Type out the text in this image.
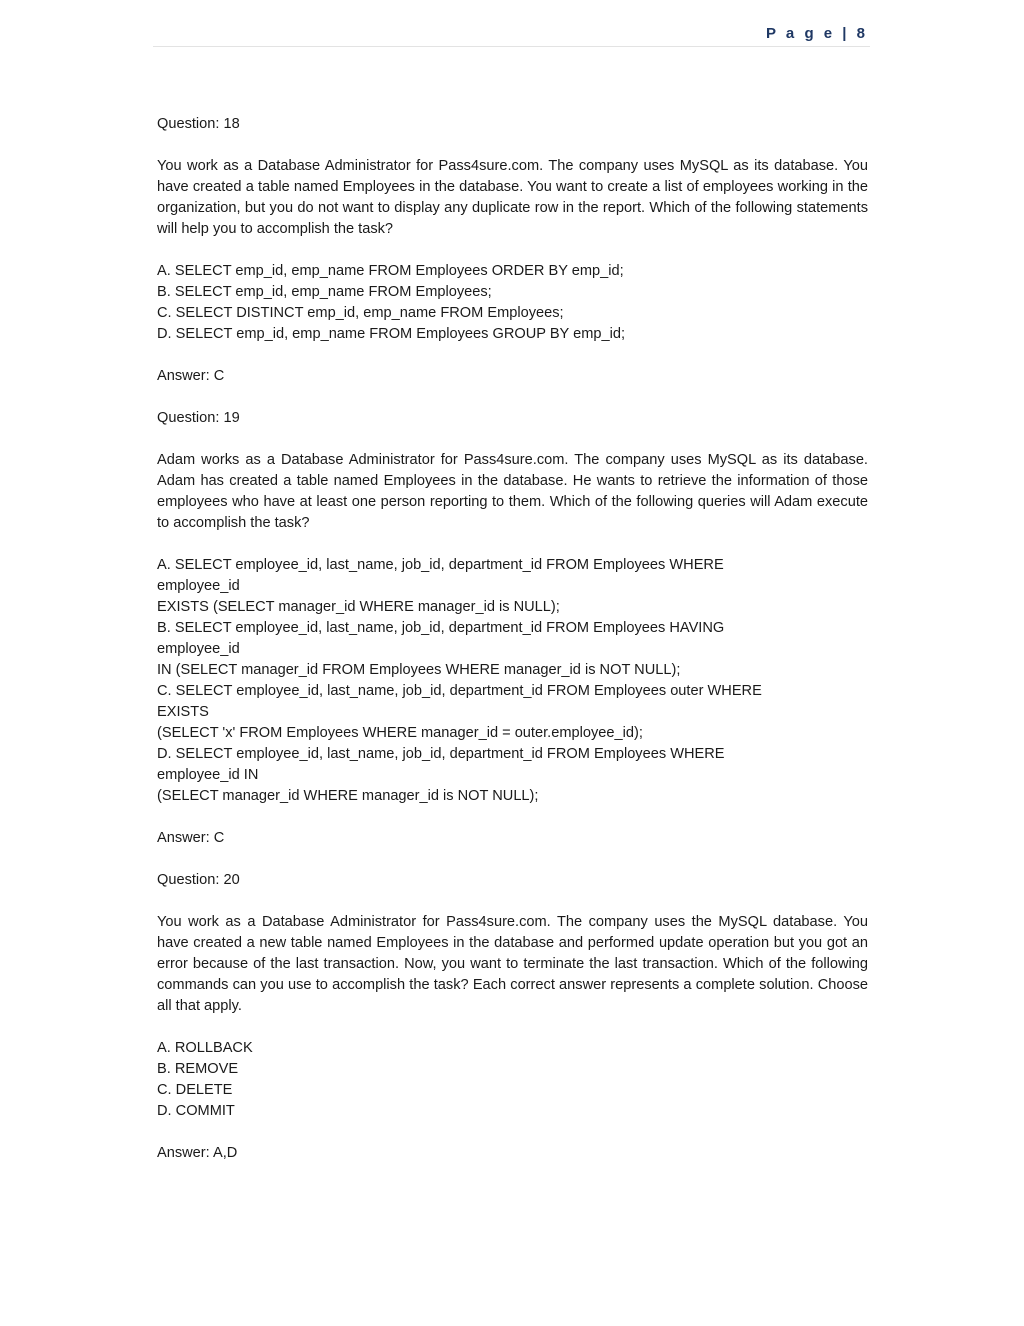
P a g e | 8
Question: 18
You work as a Database Administrator for Pass4sure.com. The company uses MySQL as its database. You have created a table named Employees in the database. You want to create a list of employees working in the organization, but you do not want to display any duplicate row in the report. Which of the following statements will help you to accomplish the task?
A. SELECT emp_id, emp_name FROM Employees ORDER BY emp_id;
B. SELECT emp_id, emp_name FROM Employees;
C. SELECT DISTINCT emp_id, emp_name FROM Employees;
D. SELECT emp_id, emp_name FROM Employees GROUP BY emp_id;
Answer: C
Question: 19
Adam works as a Database Administrator for Pass4sure.com. The company uses MySQL as its database. Adam has created a table named Employees in the database. He wants to retrieve the information of those employees who have at least one person reporting to them. Which of the following queries will Adam execute to accomplish the task?
A. SELECT employee_id, last_name, job_id, department_id FROM Employees WHERE
employee_id
EXISTS (SELECT manager_id WHERE manager_id is NULL);
B. SELECT employee_id, last_name, job_id, department_id FROM Employees HAVING
employee_id
IN (SELECT manager_id FROM Employees WHERE manager_id is NOT NULL);
C. SELECT employee_id, last_name, job_id, department_id FROM Employees outer WHERE
EXISTS
(SELECT 'x' FROM Employees WHERE manager_id = outer.employee_id);
D. SELECT employee_id, last_name, job_id, department_id FROM Employees WHERE
employee_id IN
(SELECT manager_id WHERE manager_id is NOT NULL);
Answer: C
Question: 20
You work as a Database Administrator for Pass4sure.com. The company uses the MySQL database. You have created a new table named Employees in the database and performed update operation but you got an error because of the last transaction. Now, you want to terminate the last transaction. Which of the following commands can you use to accomplish the task? Each correct answer represents a complete solution. Choose all that apply.
A. ROLLBACK
B. REMOVE
C. DELETE
D. COMMIT
Answer: A,D
